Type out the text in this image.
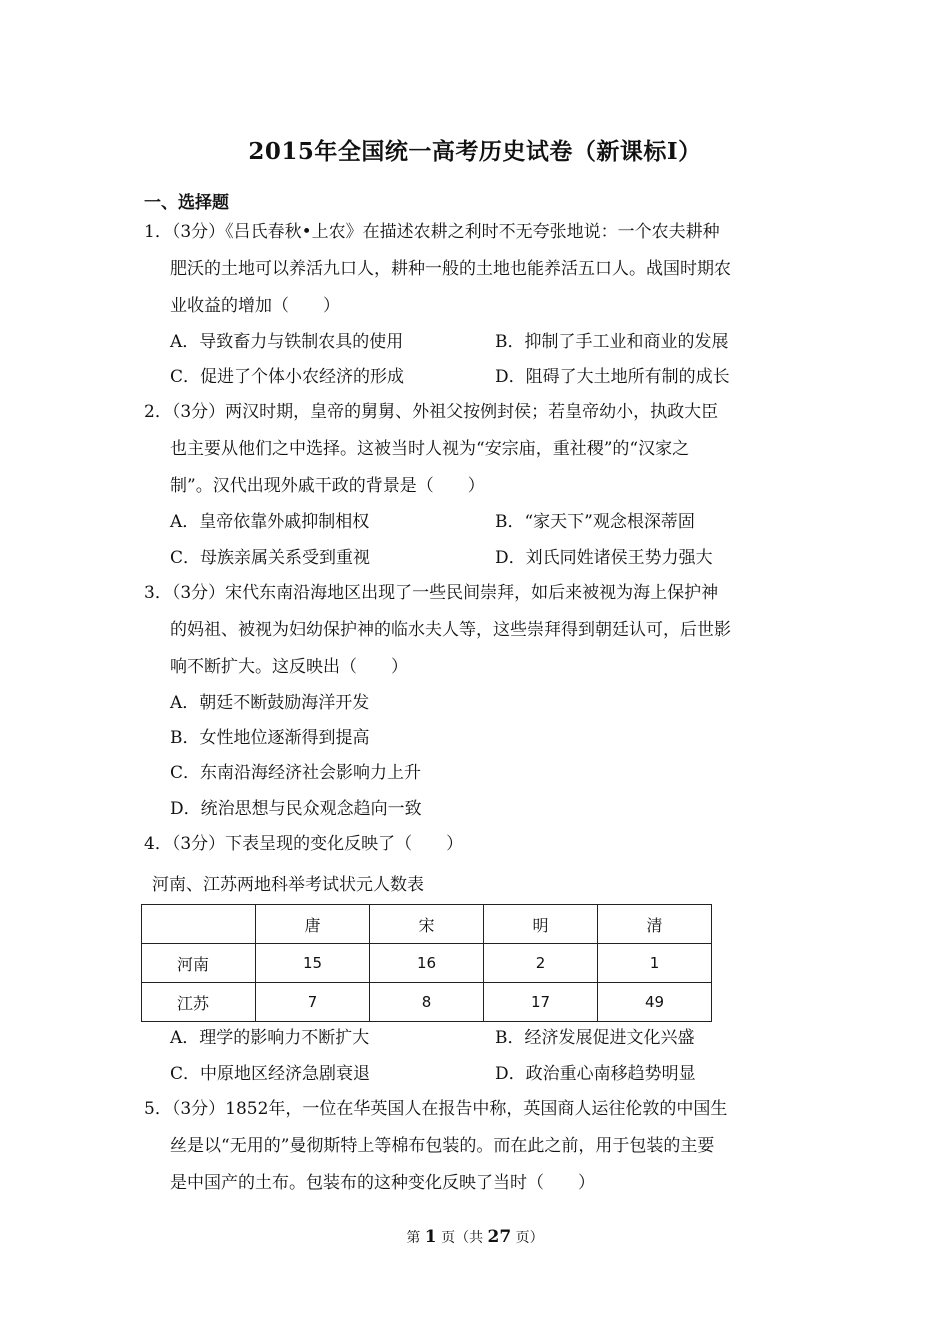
2015年全国统一高考历史试卷（新课标Ⅰ）
一、选择题
1．（3分）《吕氏春秋•上农》在描述农耕之利时不无夸张地说：一个农夫耕种
肥沃的土地可以养活九口人，耕种一般的土地也能养活五口人。战国时期农
业收益的增加（　　）
A．导致畜力与铁制农具的使用	B．抑制了手工业和商业的发展
C．促进了个体小农经济的形成	D．阻碍了大土地所有制的成长
2．（3分）两汉时期，皇帝的舅舅、外祖父按例封侯；若皇帝幼小，执政大臣
也主要从他们之中选择。这被当时人视为“安宗庙，重社稷”的“汉家之
制”。汉代出现外戚干政的背景是（　　）
A．皇帝依靠外戚抑制相权	B．“家天下”观念根深蒂固
C．母族亲属关系受到重视	D．刘氏同姓诸侯王势力强大
3．（3分）宋代东南沿海地区出现了一些民间崇拜，如后来被视为海上保护神
的妈祖、被视为妇幼保护神的临水夫人等，这些崇拜得到朝廷认可，后世影
响不断扩大。这反映出（　　）
A．朝廷不断鼓励海洋开发
B．女性地位逐渐得到提高
C．东南沿海经济社会影响力上升
D．统治思想与民众观念趋向一致
4．（3分）下表呈现的变化反映了（　　）
河南、江苏两地科举考试状元人数表
	唐	宋	明	清
河南	15	16	2	1
江苏	7	8	17	49
A．理学的影响力不断扩大	B．经济发展促进文化兴盛
C．中原地区经济急剧衰退	D．政治重心南移趋势明显
5．（3分）1852年，一位在华英国人在报告中称，英国商人运往伦敦的中国生
丝是以“无用的”曼彻斯特上等棉布包装的。而在此之前，用于包装的主要
是中国产的土布。包装布的这种变化反映了当时（　　）
第 1 页（共 27 页）
